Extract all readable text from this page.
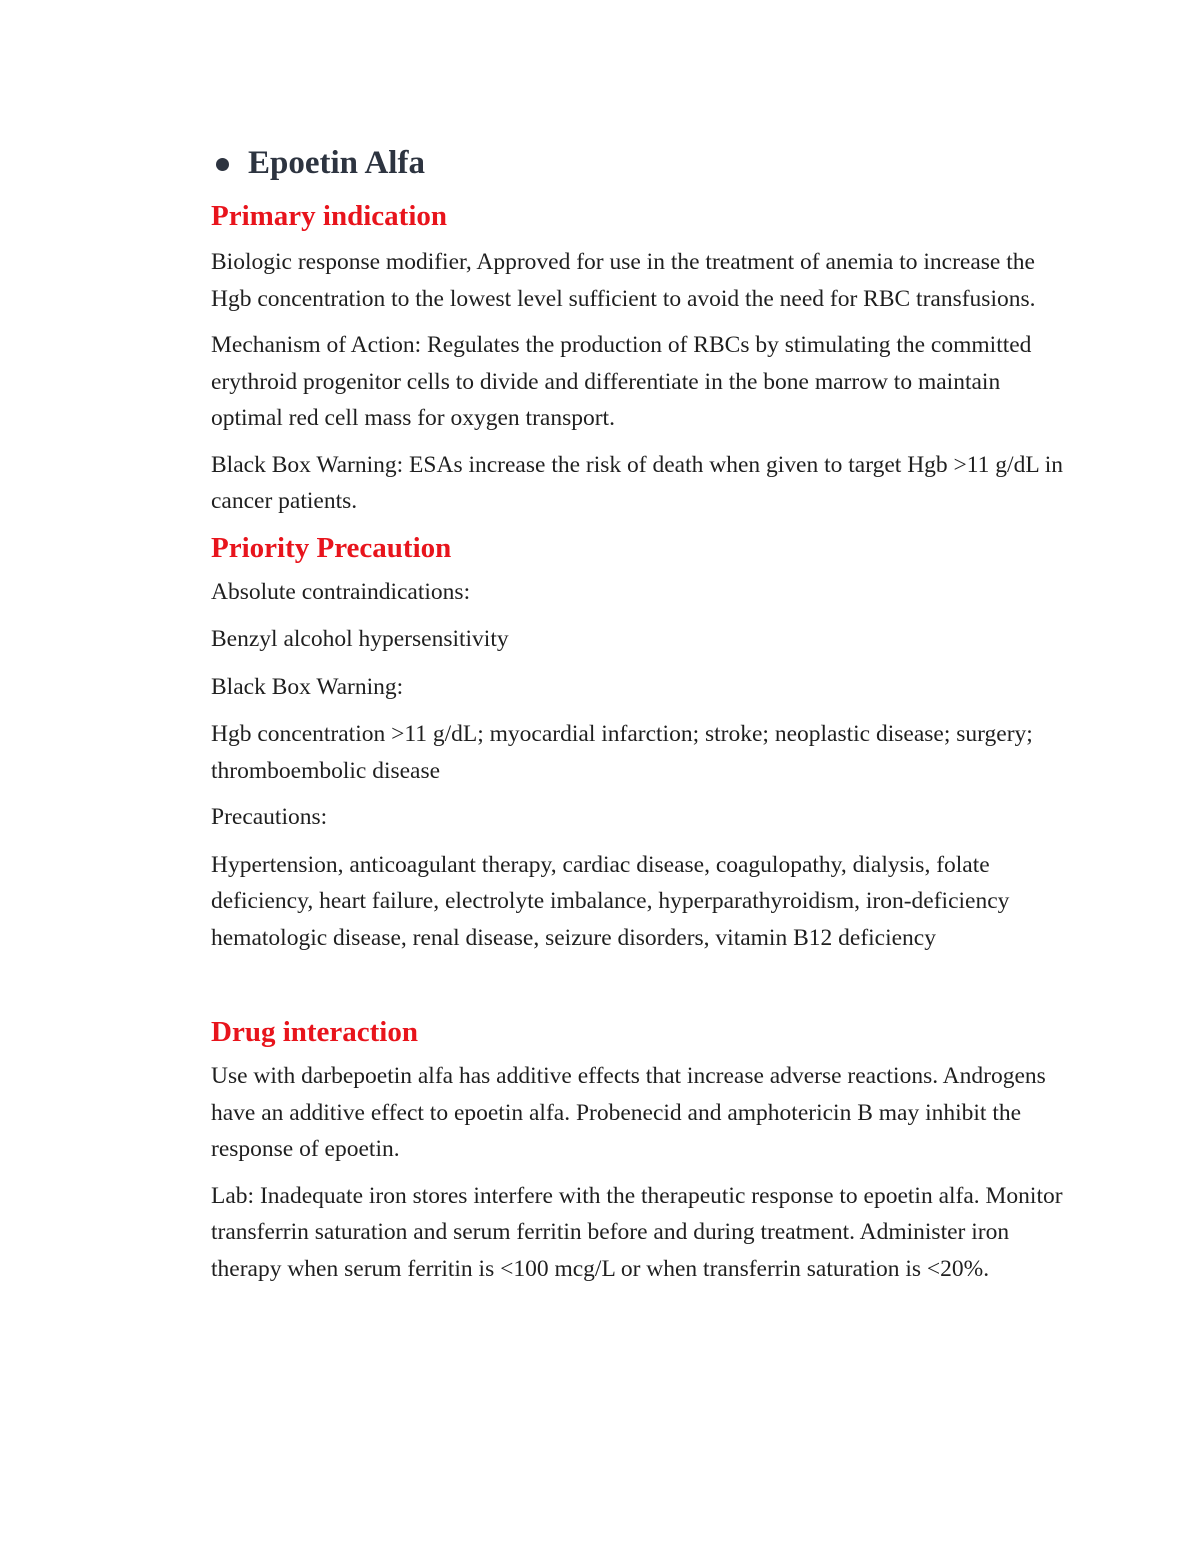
Epoetin Alfa
Primary indication

Biologic response modifier, Approved for use in the treatment of anemia to increase the Hgb concentration to the lowest level sufficient to avoid the need for RBC transfusions.

Mechanism of Action: Regulates the production of RBCs by stimulating the committed erythroid progenitor cells to divide and differentiate in the bone marrow to maintain optimal red cell mass for oxygen transport.

Black Box Warning: ESAs increase the risk of death when given to target Hgb >11 g/dL in cancer patients.

Priority Precaution

Absolute contraindications:

Benzyl alcohol hypersensitivity

Black Box Warning:

Hgb concentration >11 g/dL; myocardial infarction; stroke; neoplastic disease; surgery; thromboembolic disease

Precautions:

Hypertension, anticoagulant therapy, cardiac disease, coagulopathy, dialysis, folate deficiency, heart failure, electrolyte imbalance, hyperparathyroidism, iron-deficiency hematologic disease, renal disease, seizure disorders, vitamin B12 deficiency

Drug interaction

Use with darbepoetin alfa has additive effects that increase adverse reactions. Androgens have an additive effect to epoetin alfa. Probenecid and amphotericin B may inhibit the response of epoetin.

Lab: Inadequate iron stores interfere with the therapeutic response to epoetin alfa. Monitor transferrin saturation and serum ferritin before and during treatment. Administer iron therapy when serum ferritin is <100 mcg/L or when transferrin saturation is <20%.
